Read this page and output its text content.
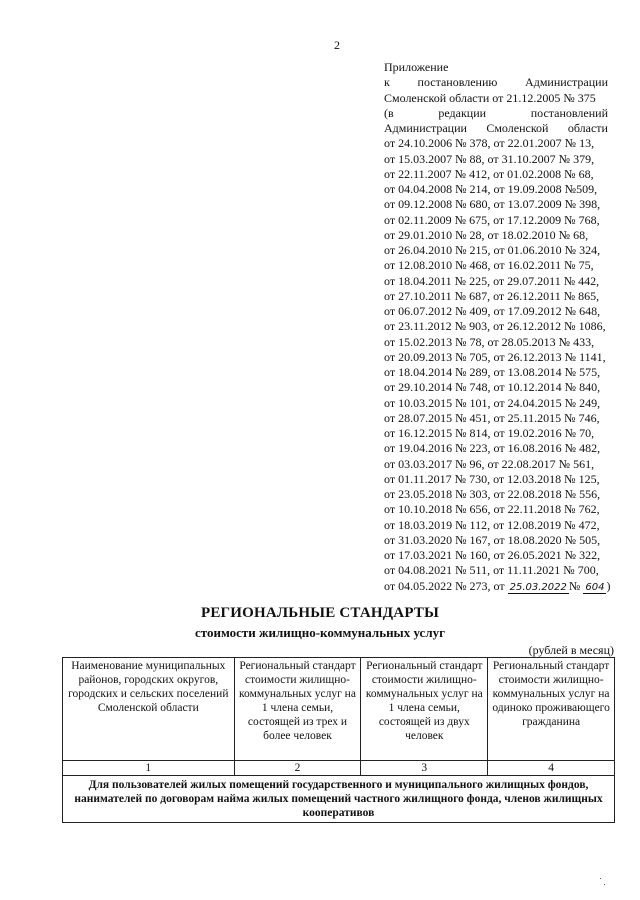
2
Приложение
к постановлению Администрации
Смоленской области от 21.12.2005 № 375
(в	редакции	постановлений
Администрации Смоленской области
от 24.10.2006 № 378, от 22.01.2007 № 13,
от 15.03.2007 № 88, от 31.10.2007 № 379,
от 22.11.2007 № 412, от 01.02.2008 № 68,
от 04.04.2008 № 214, от 19.09.2008 №509,
от 09.12.2008 № 680, от 13.07.2009 № 398,
от 02.11.2009 № 675, от 17.12.2009 № 768,
от 29.01.2010 № 28, от 18.02.2010 № 68,
от 26.04.2010 № 215, от 01.06.2010 № 324,
от 12.08.2010 № 468, от 16.02.2011 № 75,
от 18.04.2011 № 225, от 29.07.2011 № 442,
от 27.10.2011 № 687, от 26.12.2011 № 865,
от 06.07.2012 № 409, от 17.09.2012 № 648,
от 23.11.2012 № 903, от 26.12.2012 № 1086,
от 15.02.2013 № 78, от 28.05.2013 № 433,
от 20.09.2013 № 705, от 26.12.2013 № 1141,
от 18.04.2014 № 289, от 13.08.2014 № 575,
от 29.10.2014 № 748, от 10.12.2014 № 840,
от 10.03.2015 № 101, от 24.04.2015 № 249,
от 28.07.2015 № 451, от 25.11.2015 № 746,
от 16.12.2015 № 814, от 19.02.2016 № 70,
от 19.04.2016 № 223, от 16.08.2016 № 482,
от 03.03.2017 № 96, от 22.08.2017 № 561,
от 01.11.2017 № 730, от 12.03.2018 № 125,
от 23.05.2018 № 303, от 22.08.2018 № 556,
от 10.10.2018 № 656, от 22.11.2018 № 762,
от 18.03.2019 № 112, от 12.08.2019 № 472,
от 31.03.2020 № 167, от 18.08.2020 № 505,
от 17.03.2021 № 160, от 26.05.2021 № 322,
от 04.08.2021 № 511, от 11.11.2021 № 700,
от 04.05.2022 № 273, от 25.03.2022 № 604 )
РЕГИОНАЛЬНЫЕ СТАНДАРТЫ
стоимости жилищно-коммунальных услуг
(рублей в месяц)
Наименование муниципальных районов, городских округов, городских и сельских поселений Смоленской области	Региональный стандарт стоимости жилищно-коммунальных услуг на 1 члена семьи, состоящей из трех и более человек	Региональный стандарт стоимости жилищно-коммунальных услуг на 1 члена семьи, состоящей из двух человек	Региональный стандарт стоимости жилищно-коммунальных услуг на одиноко проживающего гражданина
1	2	3	4
Для пользователей жилых помещений государственного и муниципального жилищных фондов, нанимателей по договорам найма жилых помещений частного жилищного фонда, членов жилищных кооперативов			
